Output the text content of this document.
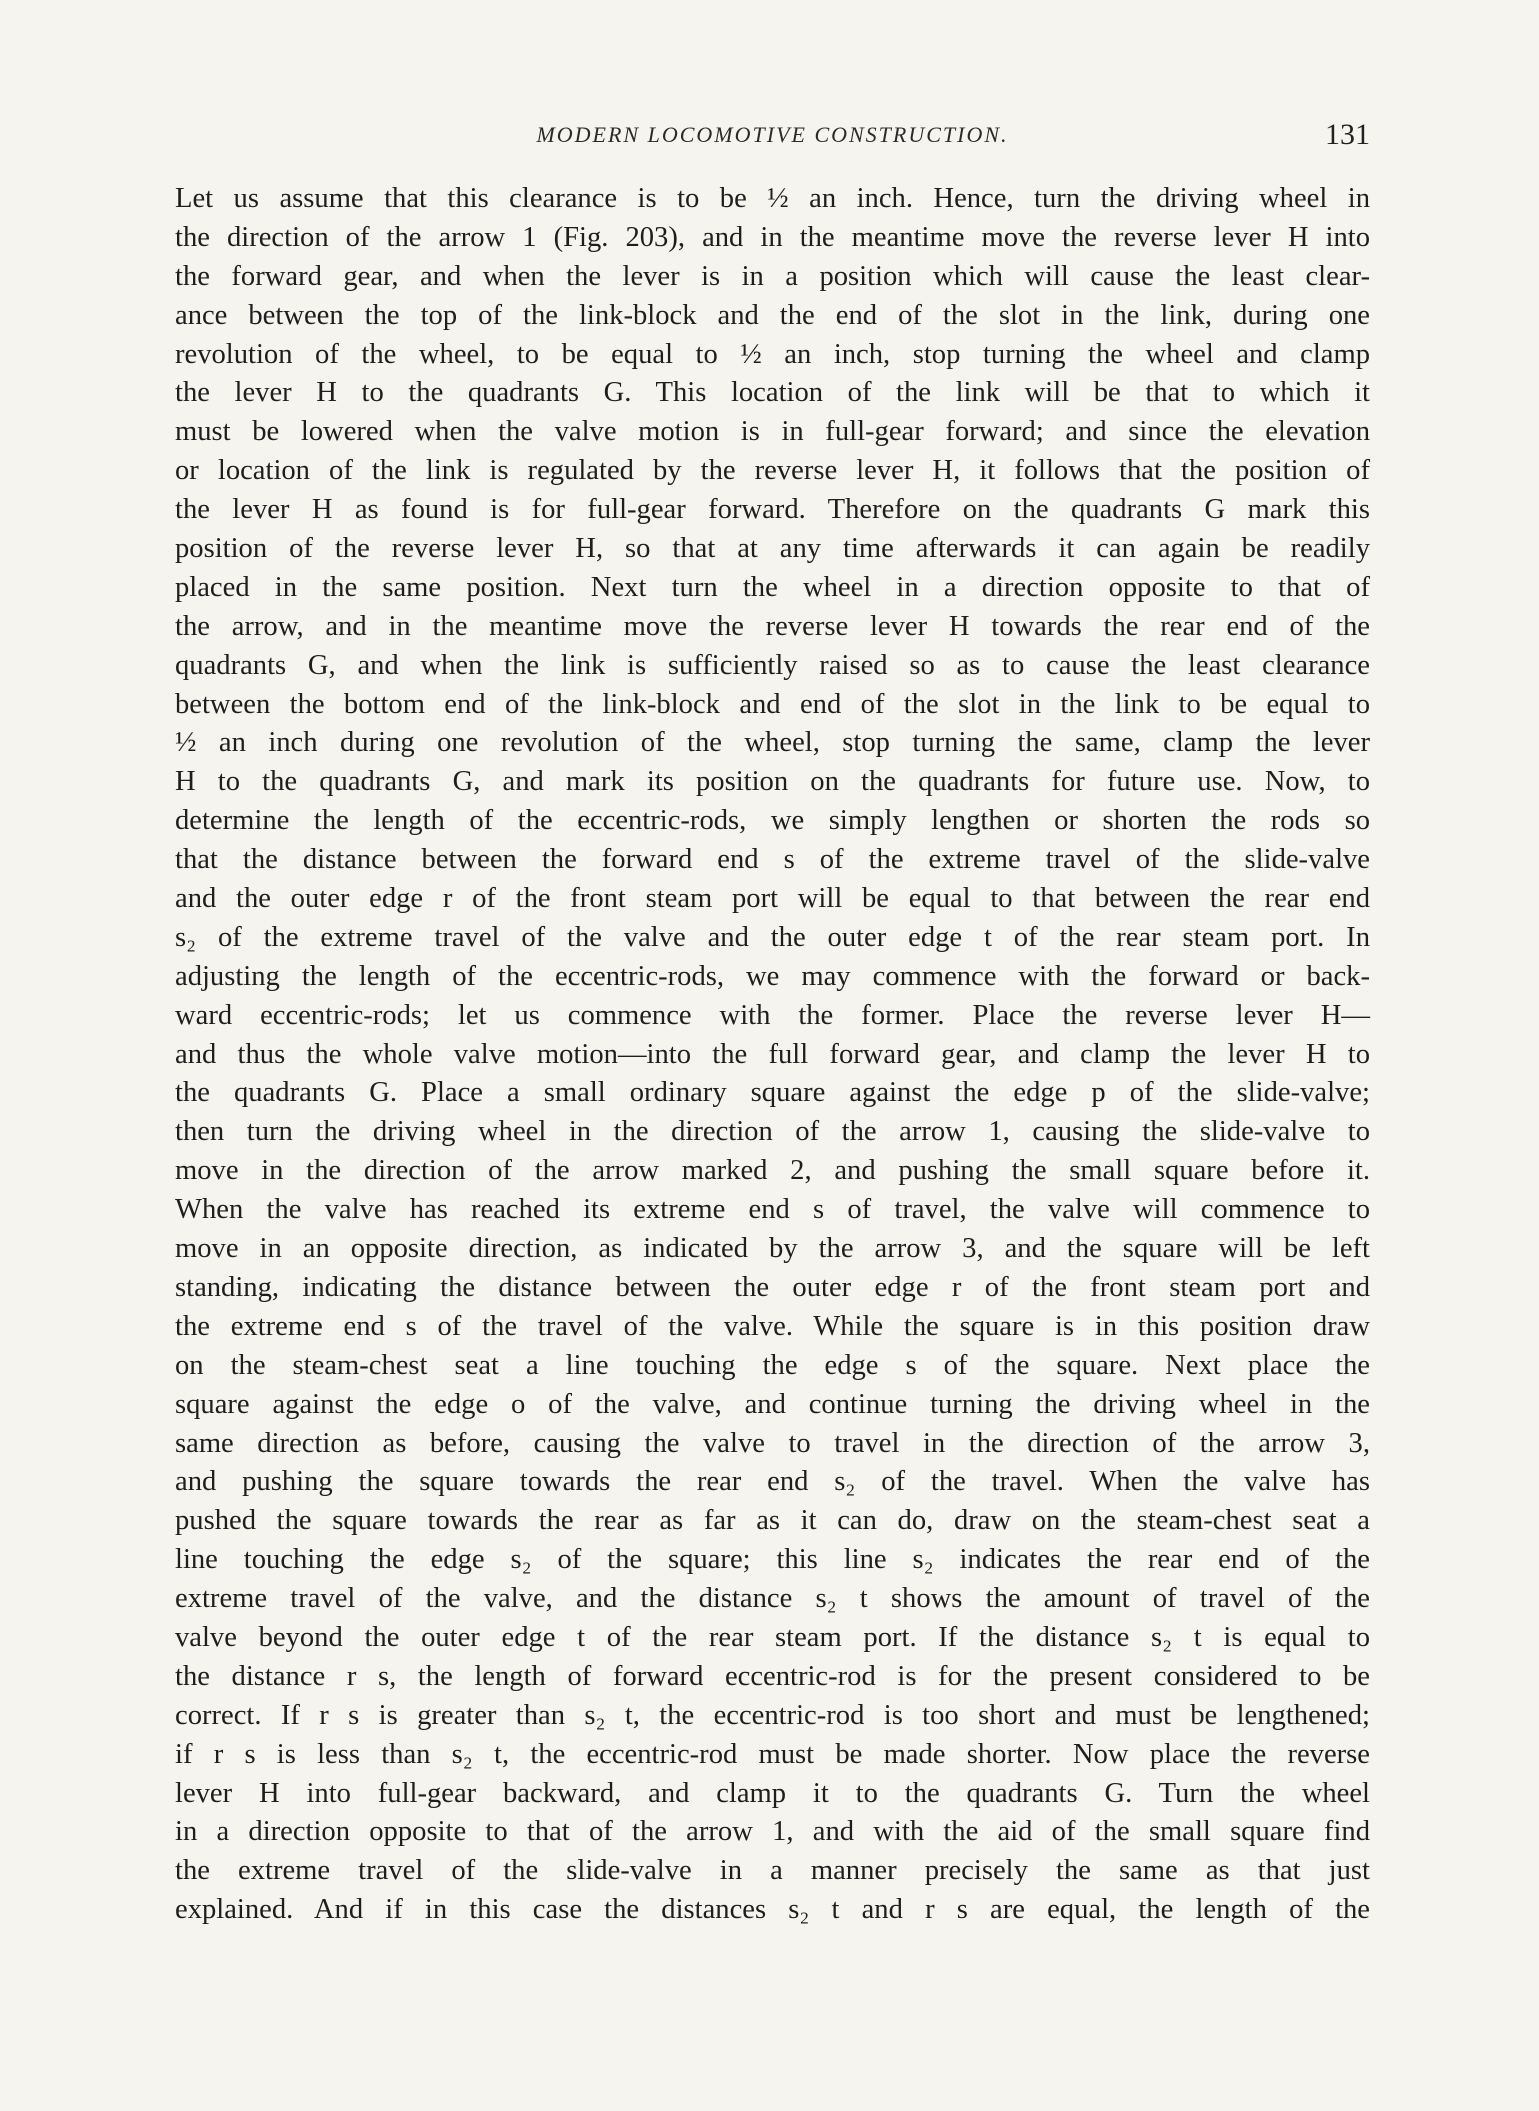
MODERN LOCOMOTIVE CONSTRUCTION.	131
Let us assume that this clearance is to be ½ an inch. Hence, turn the driving wheel in
the direction of the arrow 1 (Fig. 203), and in the meantime move the reverse lever H into
the forward gear, and when the lever is in a position which will cause the least clear-
ance between the top of the link-block and the end of the slot in the link, during one
revolution of the wheel, to be equal to ½ an inch, stop turning the wheel and clamp
the lever H to the quadrants G. This location of the link will be that to which it
must be lowered when the valve motion is in full-gear forward; and since the elevation
or location of the link is regulated by the reverse lever H, it follows that the position of
the lever H as found is for full-gear forward. Therefore on the quadrants G mark this
position of the reverse lever H, so that at any time afterwards it can again be readily
placed in the same position. Next turn the wheel in a direction opposite to that of
the arrow, and in the meantime move the reverse lever H towards the rear end of the
quadrants G, and when the link is sufficiently raised so as to cause the least clearance
between the bottom end of the link-block and end of the slot in the link to be equal to
½ an inch during one revolution of the wheel, stop turning the same, clamp the lever
H to the quadrants G, and mark its position on the quadrants for future use. Now, to
determine the length of the eccentric-rods, we simply lengthen or shorten the rods so
that the distance between the forward end s of the extreme travel of the slide-valve
and the outer edge r of the front steam port will be equal to that between the rear end
s₂ of the extreme travel of the valve and the outer edge t of the rear steam port. In
adjusting the length of the eccentric-rods, we may commence with the forward or back-
ward eccentric-rods; let us commence with the former. Place the reverse lever H—
and thus the whole valve motion—into the full forward gear, and clamp the lever H to
the quadrants G. Place a small ordinary square against the edge p of the slide-valve;
then turn the driving wheel in the direction of the arrow 1, causing the slide-valve to
move in the direction of the arrow marked 2, and pushing the small square before it.
When the valve has reached its extreme end s of travel, the valve will commence to
move in an opposite direction, as indicated by the arrow 3, and the square will be left
standing, indicating the distance between the outer edge r of the front steam port and
the extreme end s of the travel of the valve. While the square is in this position draw
on the steam-chest seat a line touching the edge s of the square. Next place the
square against the edge o of the valve, and continue turning the driving wheel in the
same direction as before, causing the valve to travel in the direction of the arrow 3,
and pushing the square towards the rear end s₂ of the travel. When the valve has
pushed the square towards the rear as far as it can do, draw on the steam-chest seat a
line touching the edge s₂ of the square; this line s₂ indicates the rear end of the
extreme travel of the valve, and the distance s₂ t shows the amount of travel of the
valve beyond the outer edge t of the rear steam port. If the distance s₂ t is equal to
the distance r s, the length of forward eccentric-rod is for the present considered to be
correct. If r s is greater than s₂ t, the eccentric-rod is too short and must be lengthened;
if r s is less than s₂ t, the eccentric-rod must be made shorter. Now place the reverse
lever H into full-gear backward, and clamp it to the quadrants G. Turn the wheel
in a direction opposite to that of the arrow 1, and with the aid of the small square find
the extreme travel of the slide-valve in a manner precisely the same as that just
explained. And if in this case the distances s₂ t and r s are equal, the length of the
